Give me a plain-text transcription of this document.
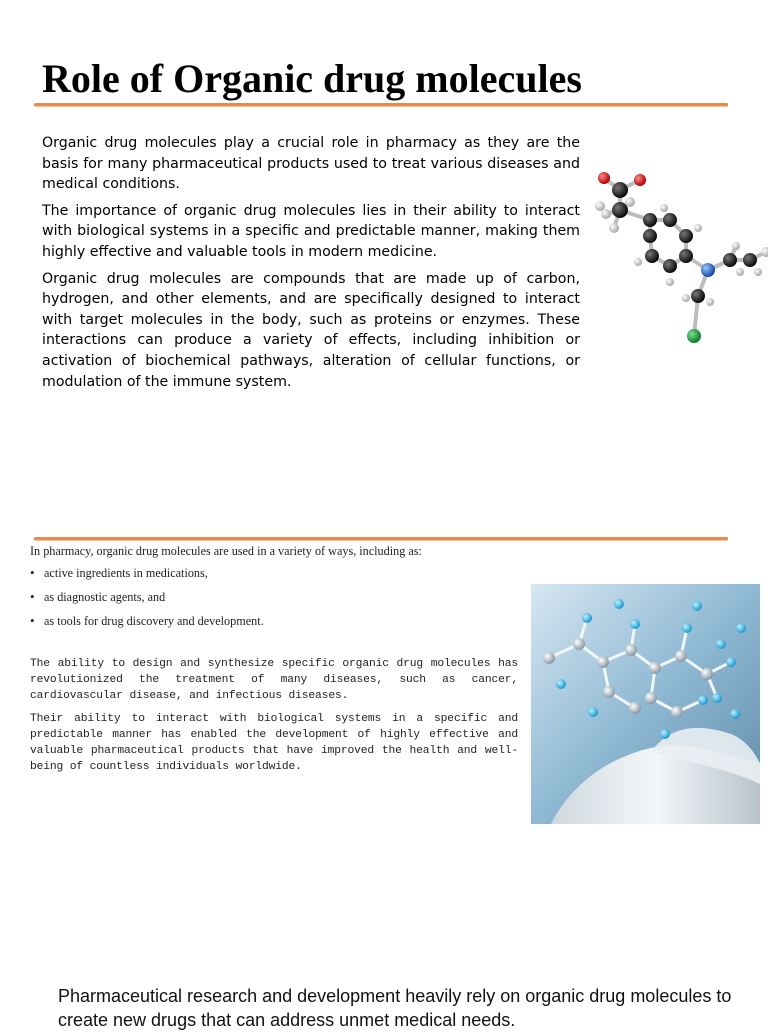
Role of Organic drug molecules

Organic drug molecules play a crucial role in pharmacy as they are the basis for many pharmaceutical products used to treat various diseases and medical conditions.

The importance of organic drug molecules lies in their ability to interact with biological systems in a specific and predictable manner, making them highly effective and valuable tools in modern medicine.

Organic drug molecules are compounds that are made up of carbon, hydrogen, and other elements, and are specifically designed to interact with target molecules in the body, such as proteins or enzymes. These interactions can produce a variety of effects, including inhibition or activation of biochemical pathways, alteration of cellular functions, or modulation of the immune system.

In pharmacy, organic drug molecules are used in a variety of ways, including as:

• active ingredients in medications,
• as diagnostic agents, and
• as tools for drug discovery and development.

The ability to design and synthesize specific organic drug molecules has revolutionized the treatment of many diseases, such as cancer, cardiovascular disease, and infectious diseases.

Their ability to interact with biological systems in a specific and predictable manner has enabled the development of highly effective and valuable pharmaceutical products that have improved the health and well-being of countless individuals worldwide.

Pharmaceutical research and development heavily rely on organic drug molecules to create new drugs that can address unmet medical needs.
